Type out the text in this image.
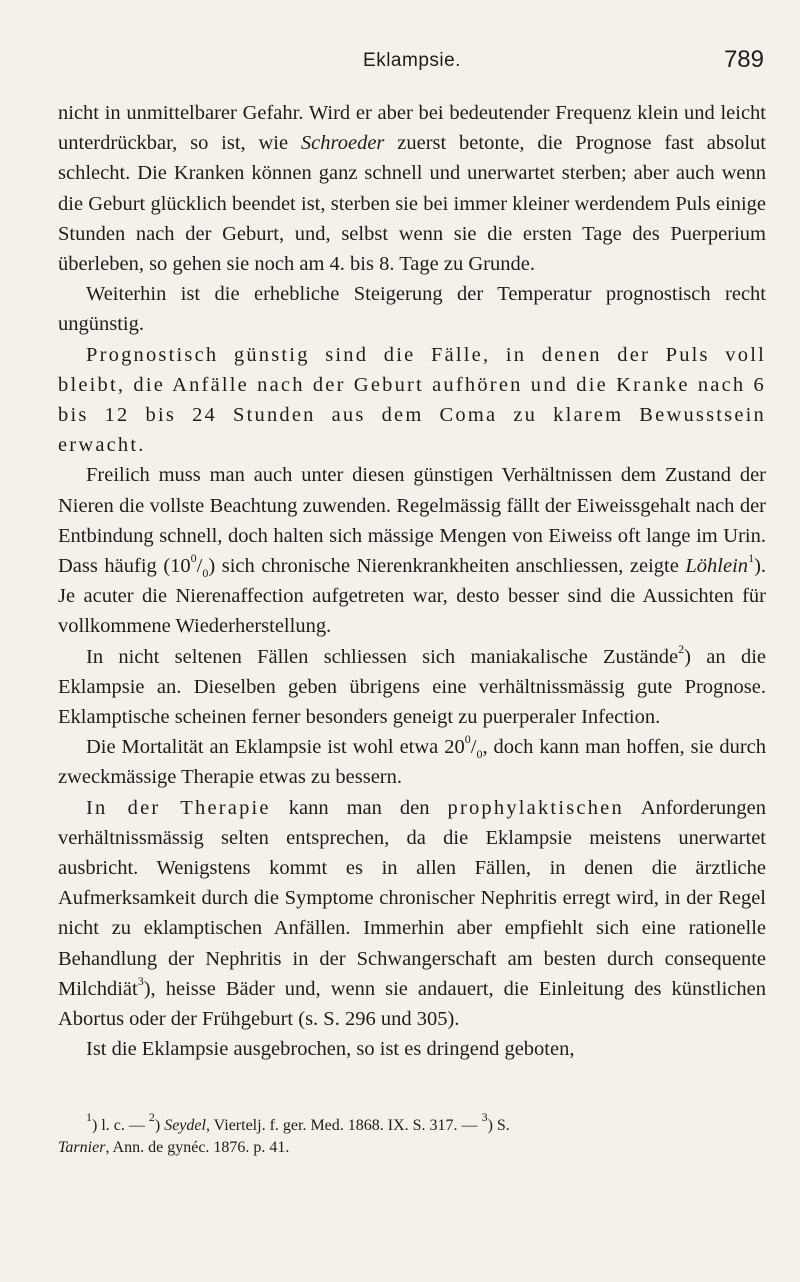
Eklampsie.	789

nicht in unmittelbarer Gefahr. Wird er aber bei bedeutender Frequenz klein und leicht unterdrückbar, so ist, wie Schroeder zuerst betonte, die Prognose fast absolut schlecht. Die Kranken können ganz schnell und unerwartet sterben; aber auch wenn die Geburt glücklich beendet ist, sterben sie bei immer kleiner werdendem Puls einige Stunden nach der Geburt, und, selbst wenn sie die ersten Tage des Puerperium überleben, so gehen sie noch am 4. bis 8. Tage zu Grunde.

Weiterhin ist die erhebliche Steigerung der Temperatur prognostisch recht ungünstig.

Prognostisch günstig sind die Fälle, in denen der Puls voll bleibt, die Anfälle nach der Geburt aufhören und die Kranke nach 6 bis 12 bis 24 Stunden aus dem Coma zu klarem Bewusstsein erwacht.

Freilich muss man auch unter diesen günstigen Verhältnissen dem Zustand der Nieren die vollste Beachtung zuwenden. Regelmässig fällt der Eiweissgehalt nach der Entbindung schnell, doch halten sich mässige Mengen von Eiweiss oft lange im Urin. Dass häufig $(10^0/_0)$ sich chronische Nierenkrankheiten anschliessen, zeigte Löhlein$^1$). Je acuter die Nierenaffection aufgetreten war, desto besser sind die Aussichten für vollkommene Wiederherstellung.

In nicht seltenen Fällen schliessen sich maniakalische Zustände$^2$) an die Eklampsie an. Dieselben geben übrigens eine verhältnissmässig gute Prognose. Eklamptische scheinen ferner besonders geneigt zu puerperaler Infection.

Die Mortalität an Eklampsie ist wohl etwa $20^0/_0$, doch kann man hoffen, sie durch zweckmässige Therapie etwas zu bessern.

In der Therapie kann man den prophylaktischen Anforderungen verhältnissmässig selten entsprechen, da die Eklampsie meistens unerwartet ausbricht. Wenigstens kommt es in allen Fällen, in denen die ärztliche Aufmerksamkeit durch die Symptome chronischer Nephritis erregt wird, in der Regel nicht zu eklamptischen Anfällen. Immerhin aber empfiehlt sich eine rationelle Behandlung der Nephritis in der Schwangerschaft am besten durch consequente Milchdiät$^3$), heisse Bäder und, wenn sie andauert, die Einleitung des künstlichen Abortus oder der Frühgeburt (s. S. 296 und 305).

Ist die Eklampsie ausgebrochen, so ist es dringend geboten,

$^1$) l. c. — $^2$) Seydel, Viertelj. f. ger. Med. 1868. IX. S. 317. — $^3$) S.
Tarnier, Ann. de gynéc. 1876. p. 41.
